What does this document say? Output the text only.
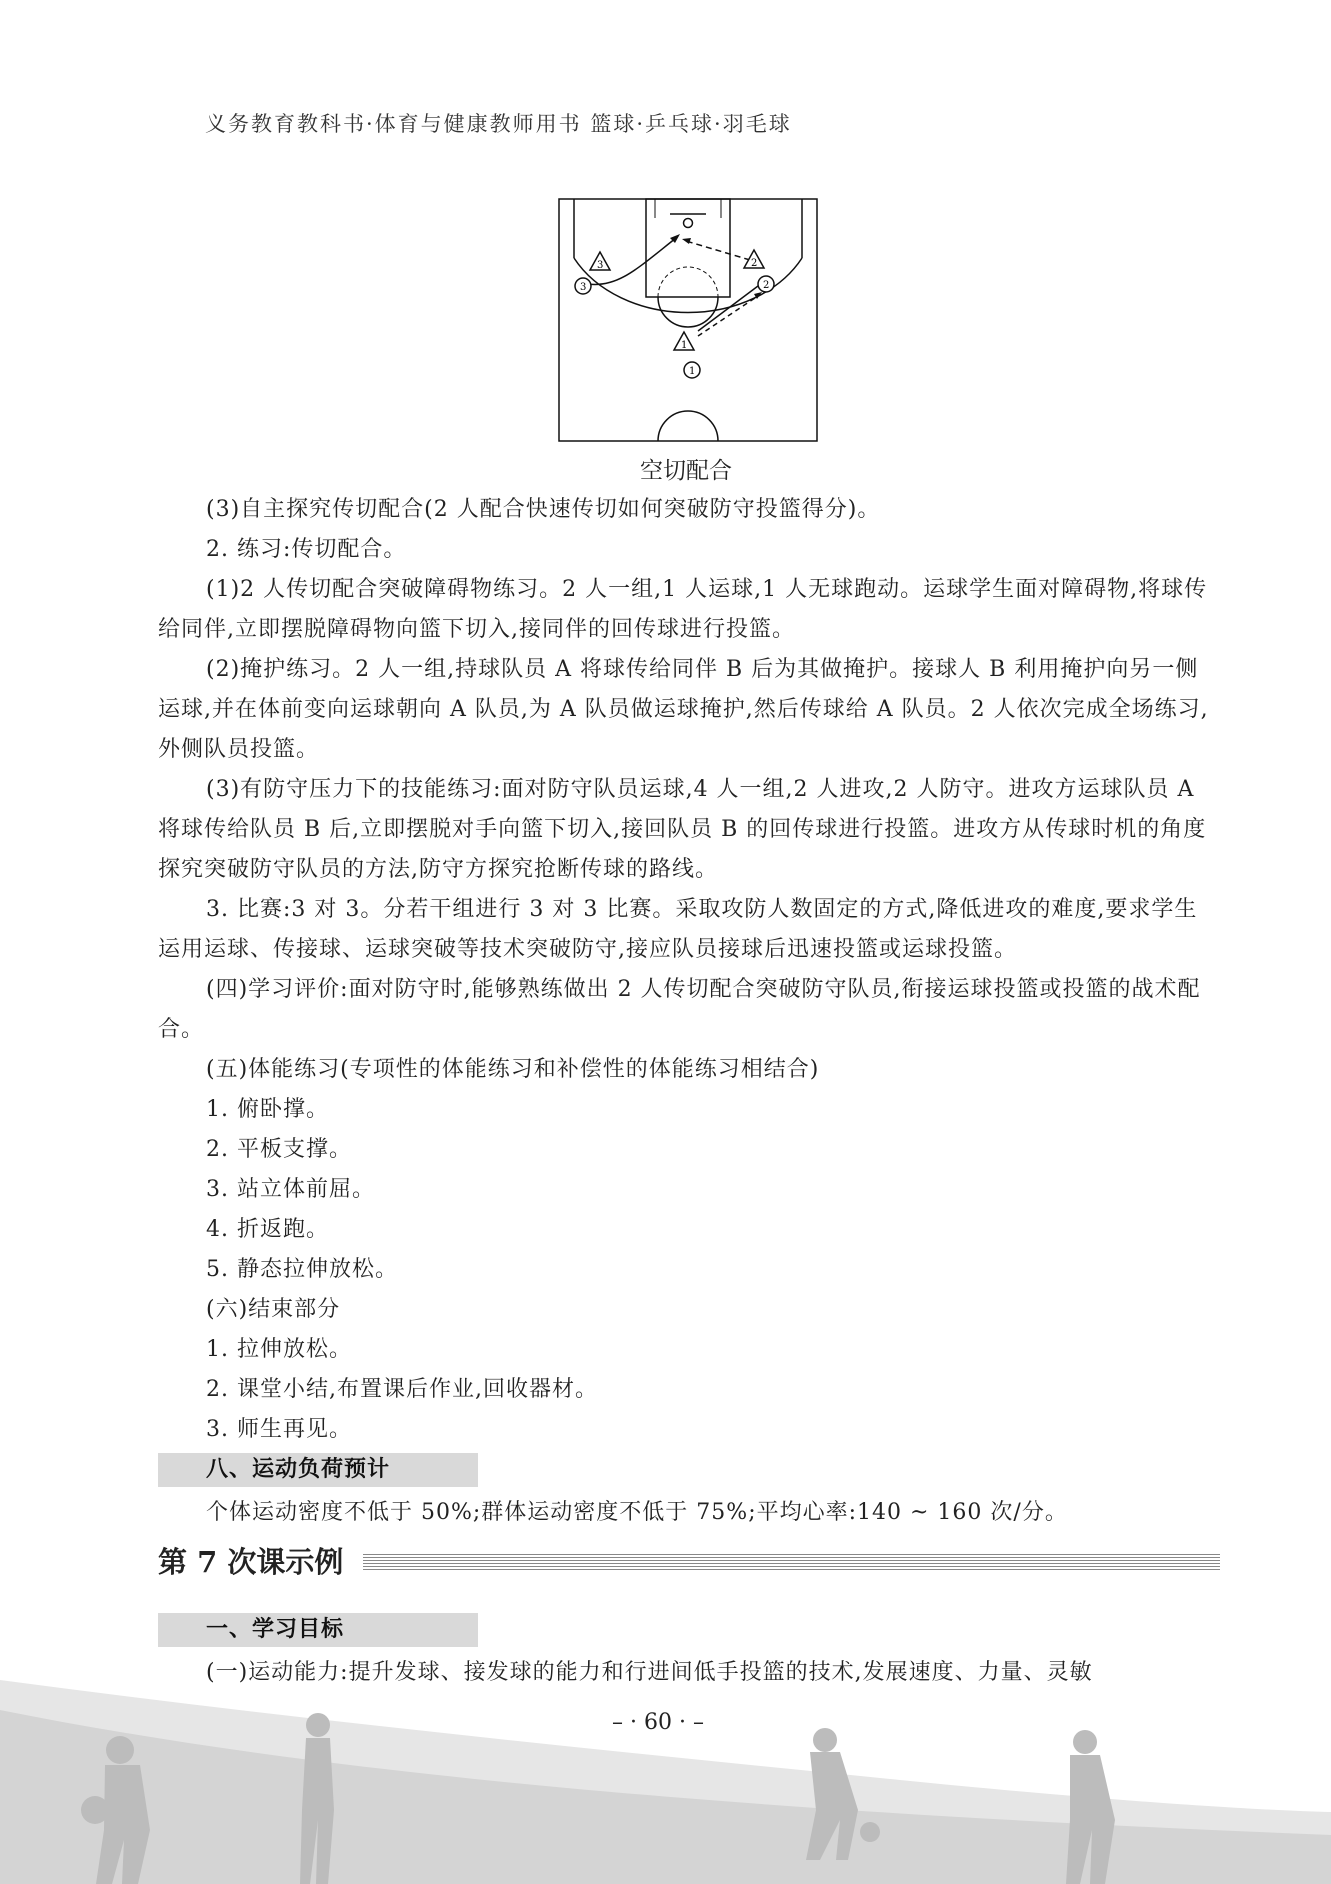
义务教育教科书·体育与健康教师用书 篮球·乒乓球·羽毛球
3	2
1
3	2
1
空切配合

(3)自主探究传切配合(2 人配合快速传切如何突破防守投篮得分)。

2. 练习:传切配合。

(1)2 人传切配合突破障碍物练习。2 人一组,1 人运球,1 人无球跑动。运球学生面对障碍物,将球传给同伴,立即摆脱障碍物向篮下切入,接同伴的回传球进行投篮。

(2)掩护练习。2 人一组,持球队员 A 将球传给同伴 B 后为其做掩护。接球人 B 利用掩护向另一侧运球,并在体前变向运球朝向 A 队员,为 A 队员做运球掩护,然后传球给 A 队员。2 人依次完成全场练习,外侧队员投篮。

(3)有防守压力下的技能练习:面对防守队员运球,4 人一组,2 人进攻,2 人防守。进攻方运球队员 A 将球传给队员 B 后,立即摆脱对手向篮下切入,接回队员 B 的回传球进行投篮。进攻方从传球时机的角度探究突破防守队员的方法,防守方探究抢断传球的路线。

3. 比赛:3 对 3。分若干组进行 3 对 3 比赛。采取攻防人数固定的方式,降低进攻的难度,要求学生运用运球、传接球、运球突破等技术突破防守,接应队员接球后迅速投篮或运球投篮。

(四)学习评价:面对防守时,能够熟练做出 2 人传切配合突破防守队员,衔接运球投篮或投篮的战术配合。

(五)体能练习(专项性的体能练习和补偿性的体能练习相结合)

1. 俯卧撑。

2. 平板支撑。

3. 站立体前屈。

4. 折返跑。

5. 静态拉伸放松。

(六)结束部分

1. 拉伸放松。

2. 课堂小结,布置课后作业,回收器材。

3. 师生再见。

八、运动负荷预计

个体运动密度不低于 50%;群体运动密度不低于 75%;平均心率:140 ~ 160 次/分。

第 7 次课示例
一、学习目标

(一)运动能力:提升发球、接发球的能力和行进间低手投篮的技术,发展速度、力量、灵敏

– · 60 · –
